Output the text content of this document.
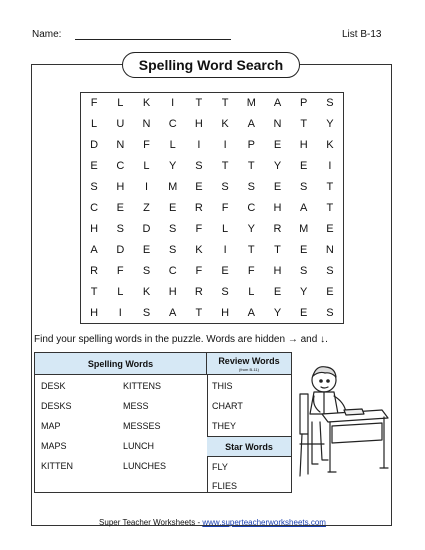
Name:	List B-13
Spelling Word Search
F	L	K	I	T	T	M	A	P	S
L	U	N	C	H	K	A	N	T	Y
D	N	F	L	I	I	P	E	H	K
E	C	L	Y	S	T	T	Y	E	I
S	H	I	M	E	S	S	E	S	T
C	E	Z	E	R	F	C	H	A	T
H	S	D	S	F	L	Y	R	M	E
A	D	E	S	K	I	T	T	E	N
R	F	S	C	F	E	F	H	S	S
T	L	K	H	R	S	L	E	Y	E
H	I	S	A	T	H	A	Y	E	S
Find your spelling words in the puzzle. Words are hidden → and ↓.
Spelling Words	Review Words
(from B-11)
Star Words
DESK
DESKS
MAP
MAPS
KITTEN
KITTENS
MESS
MESSES
LUNCH
LUNCHES
THIS
CHART
THEY
FLY
FLIES
Super Teacher Worksheets - www.superteacherworksheets.com
